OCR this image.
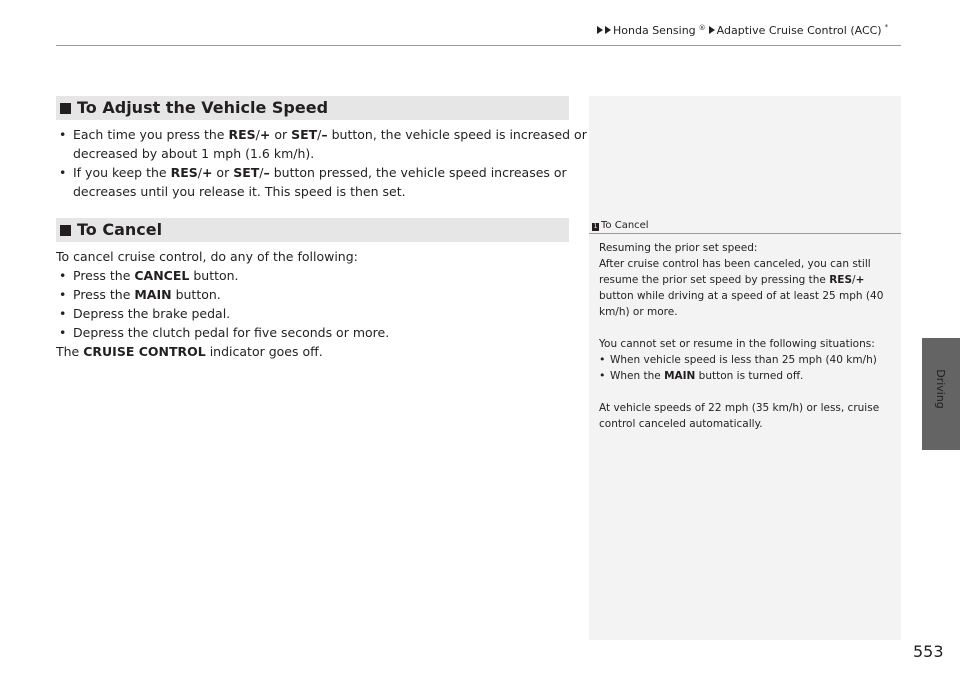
Honda Sensing ® Adaptive Cruise Control (ACC) *
Driving
To Adjust the Vehicle Speed
• Each time you press the RES/+ or SET/– button, the vehicle speed is increased or
decreased by about 1 mph (1.6 km/h).
• If you keep the RES/+ or SET/– button pressed, the vehicle speed increases or
decreases until you release it. This speed is then set.
To Cancel
To cancel cruise control, do any of the following:
• Press the CANCEL button.
• Press the MAIN button.
• Depress the brake pedal.
• Depress the clutch pedal for five seconds or more.
The CRUISE CONTROL indicator goes off.
1 To Cancel
Resuming the prior set speed:
After cruise control has been canceled, you can still
resume the prior set speed by pressing the RES/+
button while driving at a speed of at least 25 mph (40
km/h) or more.
You cannot set or resume in the following situations:
• When vehicle speed is less than 25 mph (40 km/h)
• When the MAIN button is turned off.
At vehicle speeds of 22 mph (35 km/h) or less, cruise
control canceled automatically.
553
